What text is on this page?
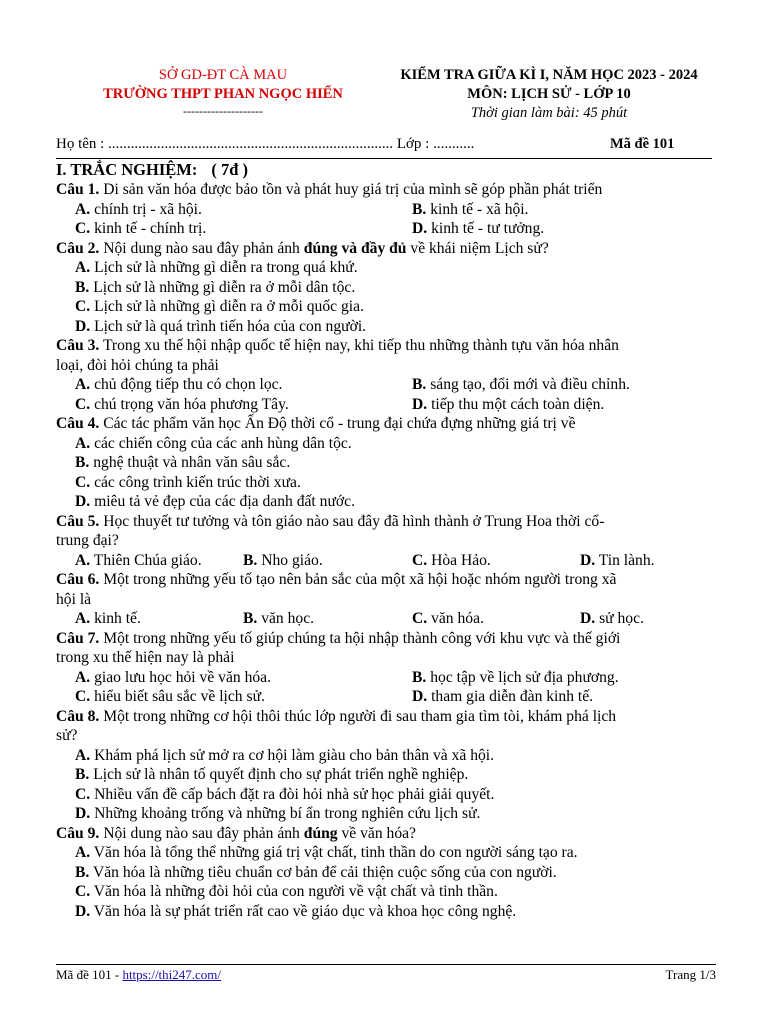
SỞ GD-ĐT CÀ MAU
TRƯỜNG THPT PHAN NGỌC HIỂN
--------------------
KIỂM TRA GIỮA KÌ I, NĂM HỌC 2023 - 2024
MÔN: LỊCH SỬ - LỚP 10
Thời gian làm bài: 45 phút
Họ tên : ............................................................................ Lớp : ...........	Mã đề 101
I. TRẮC NGHIỆM: ( 7đ )
Câu 1. Di sản văn hóa được bảo tồn và phát huy giá trị của mình sẽ góp phần phát triển
A. chính trị - xã hội.	B. kinh tế - xã hội.
C. kinh tế - chính trị.	D. kinh tế - tư tưởng.
Câu 2. Nội dung nào sau đây phản ánh đúng và đầy đủ về khái niệm Lịch sử?
A. Lịch sử là những gì diễn ra trong quá khứ.
B. Lịch sử là những gì diễn ra ở mỗi dân tộc.
C. Lịch sử là những gì diễn ra ở mỗi quốc gia.
D. Lịch sử là quá trình tiến hóa của con người.
Câu 3. Trong xu thế hội nhập quốc tế hiện nay, khi tiếp thu những thành tựu văn hóa nhân
loại, đòi hỏi chúng ta phải
A. chủ động tiếp thu có chọn lọc.	B. sáng tạo, đổi mới và điều chỉnh.
C. chú trọng văn hóa phương Tây.	D. tiếp thu một cách toàn diện.
Câu 4. Các tác phẩm văn học Ấn Độ thời cổ - trung đại chứa đựng những giá trị về
A. các chiến công của các anh hùng dân tộc.
B. nghệ thuật và nhân văn sâu sắc.
C. các công trình kiến trúc thời xưa.
D. miêu tả vẻ đẹp của các địa danh đất nước.
Câu 5. Học thuyết tư tưởng và tôn giáo nào sau đây đã hình thành ở Trung Hoa thời cổ-
trung đại?
A. Thiên Chúa giáo.	B. Nho giáo.	C. Hòa Hảo.	D. Tin lành.
Câu 6. Một trong những yếu tố tạo nên bản sắc của một xã hội hoặc nhóm người trong xã
hội là
A. kinh tế.	B. văn học.	C. văn hóa.	D. sử học.
Câu 7. Một trong những yếu tố giúp chúng ta hội nhập thành công với khu vực và thế giới
trong xu thế hiện nay là phải
A. giao lưu học hỏi về văn hóa.	B. học tập về lịch sử địa phương.
C. hiểu biết sâu sắc về lịch sử.	D. tham gia diễn đàn kinh tế.
Câu 8. Một trong những cơ hội thôi thúc lớp người đi sau tham gia tìm tòi, khám phá lịch
sử?
A. Khám phá lịch sử mở ra cơ hội làm giàu cho bản thân và xã hội.
B. Lịch sử là nhân tố quyết định cho sự phát triển nghề nghiệp.
C. Nhiều vấn đề cấp bách đặt ra đòi hỏi nhà sử học phải giải quyết.
D. Những khoảng trống và những bí ẩn trong nghiên cứu lịch sử.
Câu 9. Nội dung nào sau đây phản ánh đúng về văn hóa?
A. Văn hóa là tổng thể những giá trị vật chất, tinh thần do con người sáng tạo ra.
B. Văn hóa là những tiêu chuẩn cơ bản để cải thiện cuộc sống của con người.
C. Văn hóa là những đòi hỏi của con người về vật chất và tinh thần.
D. Văn hóa là sự phát triển rất cao về giáo dục và khoa học công nghệ.
Mã đề 101 - https://thi247.com/	Trang 1/3
